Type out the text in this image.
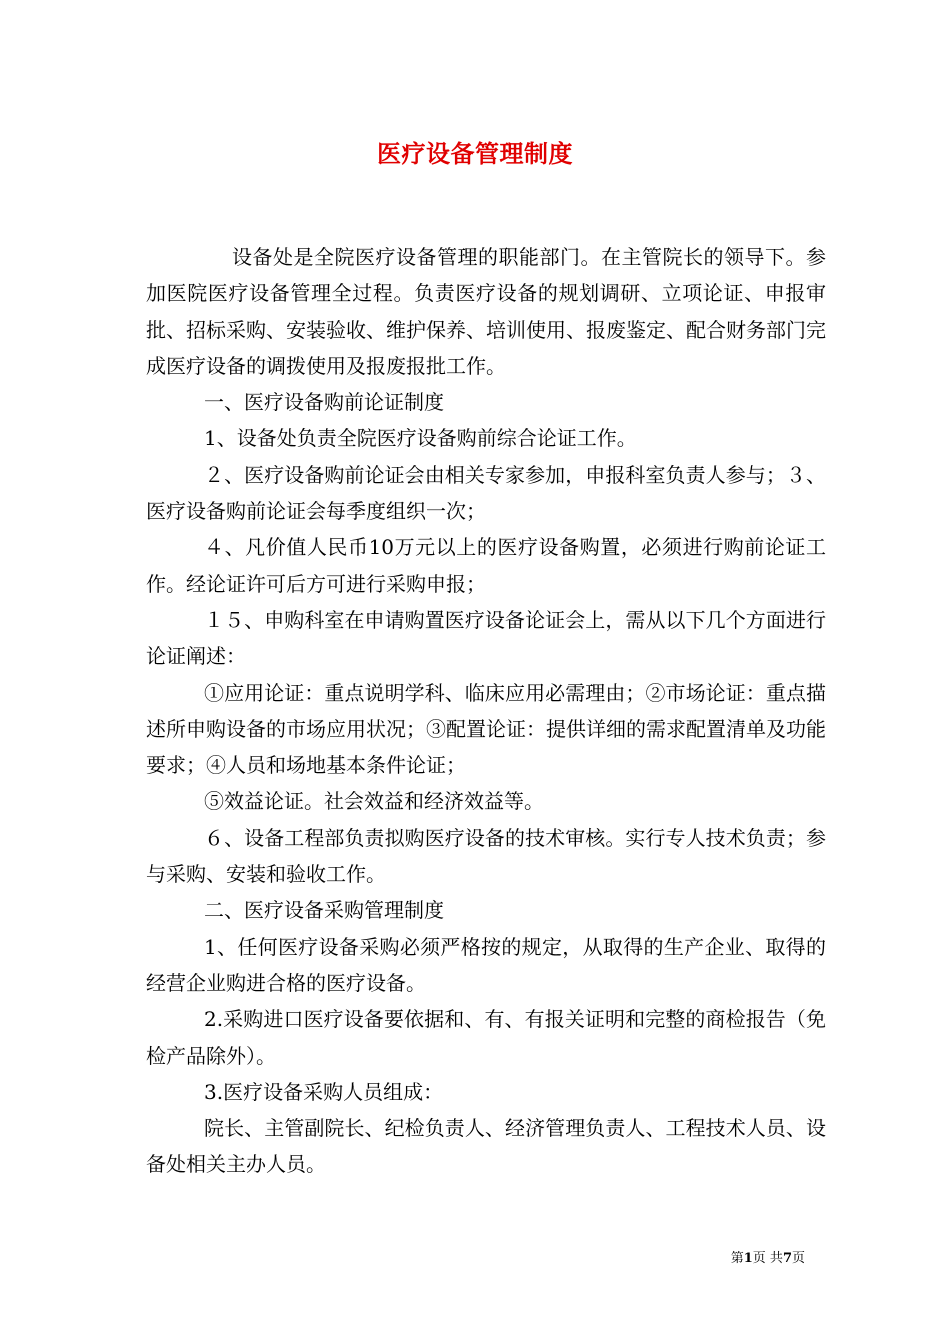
医疗设备管理制度

设备处是全院医疗设备管理的职能部门。在主管院长的领导下。参加医院医疗设备管理全过程。负责医疗设备的规划调研、立项论证、申报审批、招标采购、安装验收、维护保养、培训使用、报废鉴定、配合财务部门完成医疗设备的调拨使用及报废报批工作。

一、医疗设备购前论证制度

1、设备处负责全院医疗设备购前综合论证工作。

２、医疗设备购前论证会由相关专家参加，申报科室负责人参与；３、医疗设备购前论证会每季度组织一次；

４、凡价值人民币10万元以上的医疗设备购置，必须进行购前论证工作。经论证许可后方可进行采购申报；

１５、申购科室在申请购置医疗设备论证会上，需从以下几个方面进行论证阐述：

①应用论证：重点说明学科、临床应用必需理由；②市场论证：重点描述所申购设备的市场应用状况；③配置论证：提供详细的需求配置清单及功能要求；④人员和场地基本条件论证；

⑤效益论证。社会效益和经济效益等。

６、设备工程部负责拟购医疗设备的技术审核。实行专人技术负责；参与采购、安装和验收工作。

二、医疗设备采购管理制度

1、任何医疗设备采购必须严格按的规定，从取得的生产企业、取得的经营企业购进合格的医疗设备。

2.采购进口医疗设备要依据和、有、有报关证明和完整的商检报告（免检产品除外）。

3.医疗设备采购人员组成：

院长、主管副院长、纪检负责人、经济管理负责人、工程技术人员、设备处相关主办人员。

第1页 共7页
